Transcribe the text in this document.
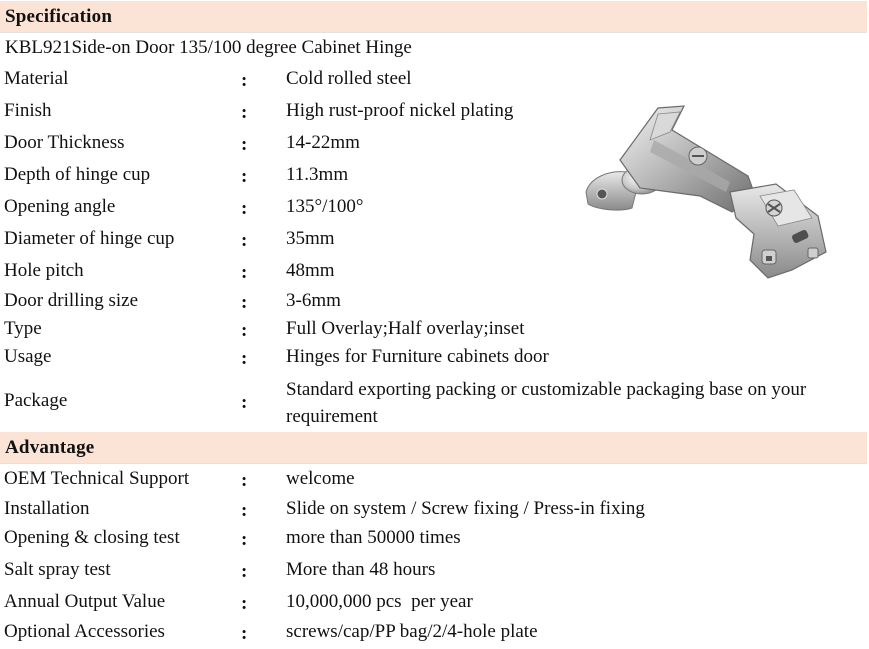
Specification
KBL921Side-on Door 135/100 degree Cabinet Hinge
Material	: Cold rolled steel
Finish	: High rust-proof nickel plating
Door Thickness	: 14-22mm
Depth of hinge cup	: 11.3mm
Opening angle	: 135°/100°
Diameter of hinge cup	: 35mm
Hole pitch	: 48mm
Door drilling size	: 3-6mm
Type	: Full Overlay;Half overlay;inset
Usage	: Hinges for Furniture cabinets door
Package	:
Standard exporting packing or customizable packaging base on your requirement
Advantage
OEM Technical Support	: welcome
Installation	: Slide on system / Screw fixing / Press-in fixing
Opening & closing test	: more than 50000 times
Salt spray test	: More than 48 hours
Annual Output Value	: 10,000,000 pcs  per year
Optional Accessories	: screws/cap/PP bag/2/4-hole plate
